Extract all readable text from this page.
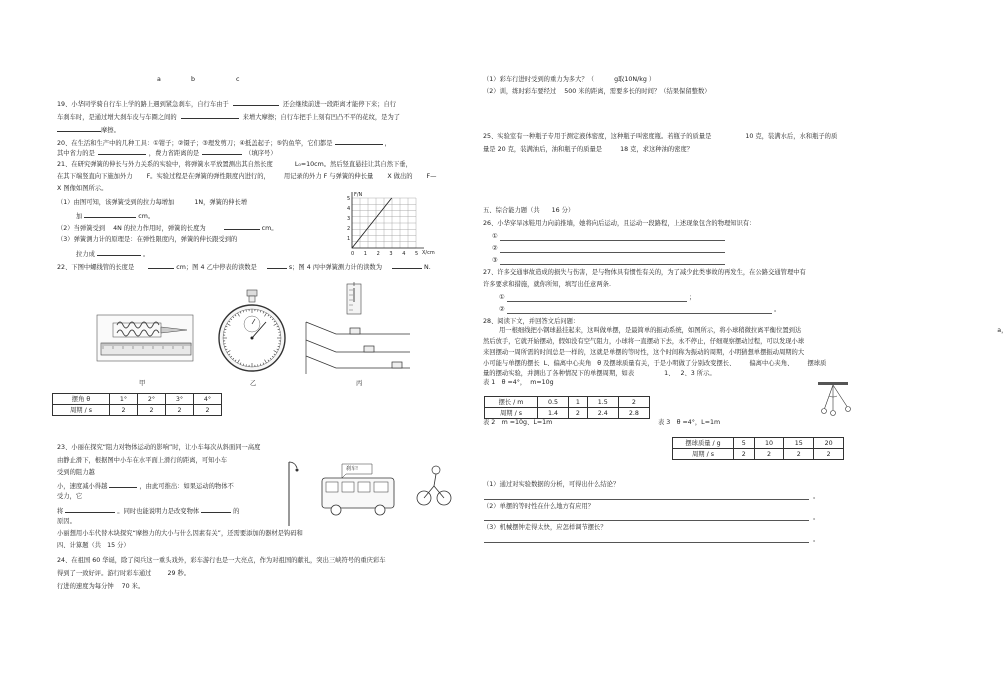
a	b	c
19、小华同学骑自行车上学的路上遇到紧急刹车，自行车由于	还会继续前进一段距离才能停下来；自行
车刹车时，是通过增大刹车皮与车圈之间的	来增大摩擦；自行车把手上刻有凹凸不平的花纹，是为了
摩擦。
20、在生活和生产中的几种工具：①钳子；②镊子；③理发剪刀；④抵盖起子；⑤钓鱼竿，它们都是	，
其中省力的是	，费力省距离的是	（填序号）
21、在研究弹簧的伸长与外力关系的实验中，将弹簧水平放置测出其自然长度	L₀=10cm。然后竖直悬挂让其自然下垂，
在其下端竖直向下施加外力 F。实验过程是在弹簧的弹性限度内进行的， 用记录的外力 F 与弹簧的伸长量 X 做出的 F—
X 图像如图所示。
（1）由图可知，该弹簧受到的拉力每增加	1N，弹簧的伸长增
加	cm。
（2）当弹簧受到 4N 的拉力作用时，弹簧的长度为	cm。
（3）弹簧测力计的原理是：在弹性限度内，弹簧的伸长跟受到的
拉力成	。
F/N
X/cm
1
2
3
4
5
0 1 2 3 4 5
22、下图中螺线管的长度是	cm；图 4 乙中停表的读数是	s；图 4 丙中弹簧测力计的读数为	N.
甲	乙	丙
摆角 θ	1°	2°	3°	4°
周期 / s	2	2	2	2
23、小丽在探究“阻力对物体运动的影响”时，让小车每次从斜面同一高度
由静止滑下，根据图中小车在水平面上滑行的距离，可知小车
受到的阻力越
小，速度减小得越	，由此可推出：如果运动的物体不
受力，它
将	。同时也能说明力是改变物体	的
原因。
小丽想用小车代替木块探究“摩擦力的大小与什么因素有关”，还需要添加的器材是钩码和
四、计算题（共 15 分）
刹车!
24、在祖国 60 华诞，除了阅兵这一重头戏外，彩车游行也是一大亮点，作为对祖国的献礼，突出三峡符号的重庆彩车
得到了一致好评。游行时彩车通过	29 秒。
行进的速度为每分钟 70 米。
（1）彩车行进时受到的重力为多大？（	g取10N/kg ）
（2）训，练时彩车要经过 500 米的距离，需要多长的时间？（结果保留整数）
25、实验室有一种瓶子专用于测定液体密度，这种瓶子叫密度瓶。若瓶子的质量是	10 克，装满水后，水和瓶子的质
量是 20 克，装满油后，油和瓶子的质量是	18 克，求这种油的密度？
五、综合能力题（共 16 分）
26、小华穿旱冰鞋用力向前推墙，她将向后运动，且运动一段路程，上述现象包含的物理知识有：
①
②
③
27、许多交通事故造成的损失与伤害，是与物体具有惯性有关的，为了减少此类事故的再发生，在公路交通管理中有
许多要求和措施，就你所知，填写出任意两条.
①	；
②	。
28、阅读下文，并回答文后问题：
用一根细线把小钢球悬挂起来，这叫做单摆，是最简单的振动系统，如图所示，将小球稍微拉离平衡位置到达	a，
然后放手，它就开始摆动，假如没有空气阻力，小球将一直摆动下去，永不停止，仔细观察摆动过程，可以发现小球
来回摆动一周所需的时间总是一样的，这就是单摆的等时性，这个时间称为振动的周期，小明猜想单摆振动周期的大
小可能与单摆的摆长 L、偏离中心夹角 θ 及摆球质量有关，于是小明做了分别改变摆长、 偏离中心夹角、 摆球质
量的摆动实验，并测出了各种情况下的单摆周期，如表	1、 2、3 所示。
表 1　θ =4°， m=10g
摆长 / m	0.5	1	1.5	2
周期 / s	1.4	2	2.4	2.8
表 2　m =10g、L=1m	表 3　θ =4°，L=1m
摆球质量 / g	5	10	15	20
周期 / s	2	2	2	2
（1）通过对实验数据的分析，可得出什么结论？
。
（2）单摆的等时性在什么地方有应用？
。
（3）机械摆钟走得太快，应怎样调节摆长？
。
